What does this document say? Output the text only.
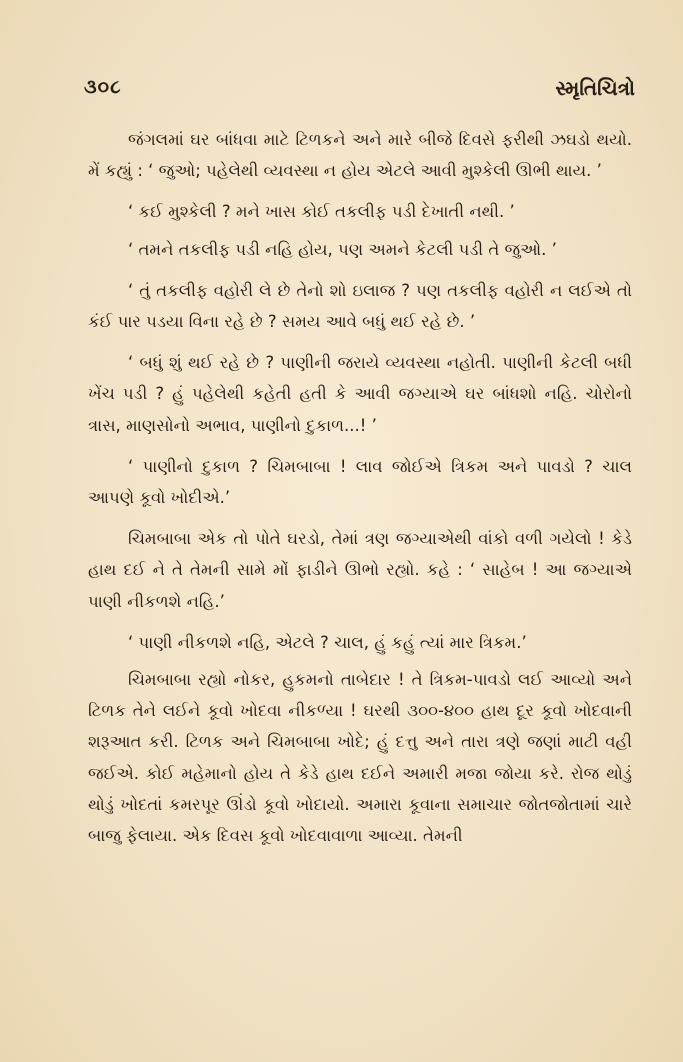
૩૦૮	સ્મૃતિચિત્રો

જંગલમાં ઘર બાંધવા માટે ટિળકને અને મારે બીજે દિવસે ફરીથી ઝઘડો થયો. મેં કહ્યું : ‘ જુઓ; પહેલેથી વ્યવસ્થા ન હોય એટલે આવી મુશ્કેલી ઊભી થાય. ’

‘ કઈ મુશ્કેલી ? મને ખાસ કોઈ તકલીફ પડી દેખાતી નથી. ’

‘ તમને તકલીફ પડી નહિ હોય, પણ અમને કેટલી પડી તે જુઓ. ’

‘ તું તકલીફ વહોરી લે છે તેનો શો ઇલાજ ? પણ તકલીફ વહોરી ન લઈએ તો કંઈ પાર પડયા વિના રહે છે ? સમય આવે બધું થઈ રહે છે. ’

‘ બધું શું થઈ રહે છે ? પાણીની જરાયે વ્યવસ્થા નહોતી. પાણીની કેટલી બધી ખેંચ પડી ? હું પહેલેથી કહેતી હતી કે આવી જગ્યાએ ઘર બાંધશો નહિ. ચોરોનો ત્રાસ, માણસોનો અભાવ, પાણીનો દુકાળ...! ’

‘ પાણીનો દુકાળ ? ચિમબાબા ! લાવ જોઈએ ત્રિકમ અને પાવડો ? ચાલ આપણે કૂવો ખોદીએ.’

ચિમબાબા એક તો પોતે ઘરડો, તેમાં ત્રણ જગ્યાએથી વાંકો વળી ગયેલો ! કેડે હાથ દઈ ને તે તેમની સામે મોં ફાડીને ઊભો રહ્યો. કહે : ‘ સાહેબ ! આ જગ્યાએ પાણી નીકળશે નહિ.’

‘ પાણી નીકળશે નહિ, એટલે ? ચાલ, હું કહું ત્યાં માર ત્રિકમ.’

ચિમબાબા રહ્યો નોકર, હુકમનો તાબેદાર ! તે ત્રિકમ-પાવડો લઈ આવ્યો અને ટિળક તેને લઈને કૂવો ખોદવા નીકળ્યા ! ઘરથી ૩૦૦-૪૦૦ હાથ દૂર કૂવો ખોદવાની શરૂઆત કરી. ટિળક અને ચિમબાબા ખોદે; હું દત્તુ અને તારા ત્રણે જણાં માટી વહી જઈએ. કોઈ મહેમાનો હોય તે કેડે હાથ દઈને અમારી મજા જોયા કરે. રોજ થોડું થોડું ખોદતાં કમરપૂર ઊંડો કૂવો ખોદાયો. અમારા કૂવાના સમાચાર જોતજોતામાં ચારે બાજુ ફેલાયા. એક દિવસ કૂવો ખોદવાવાળા આવ્યા. તેમની
